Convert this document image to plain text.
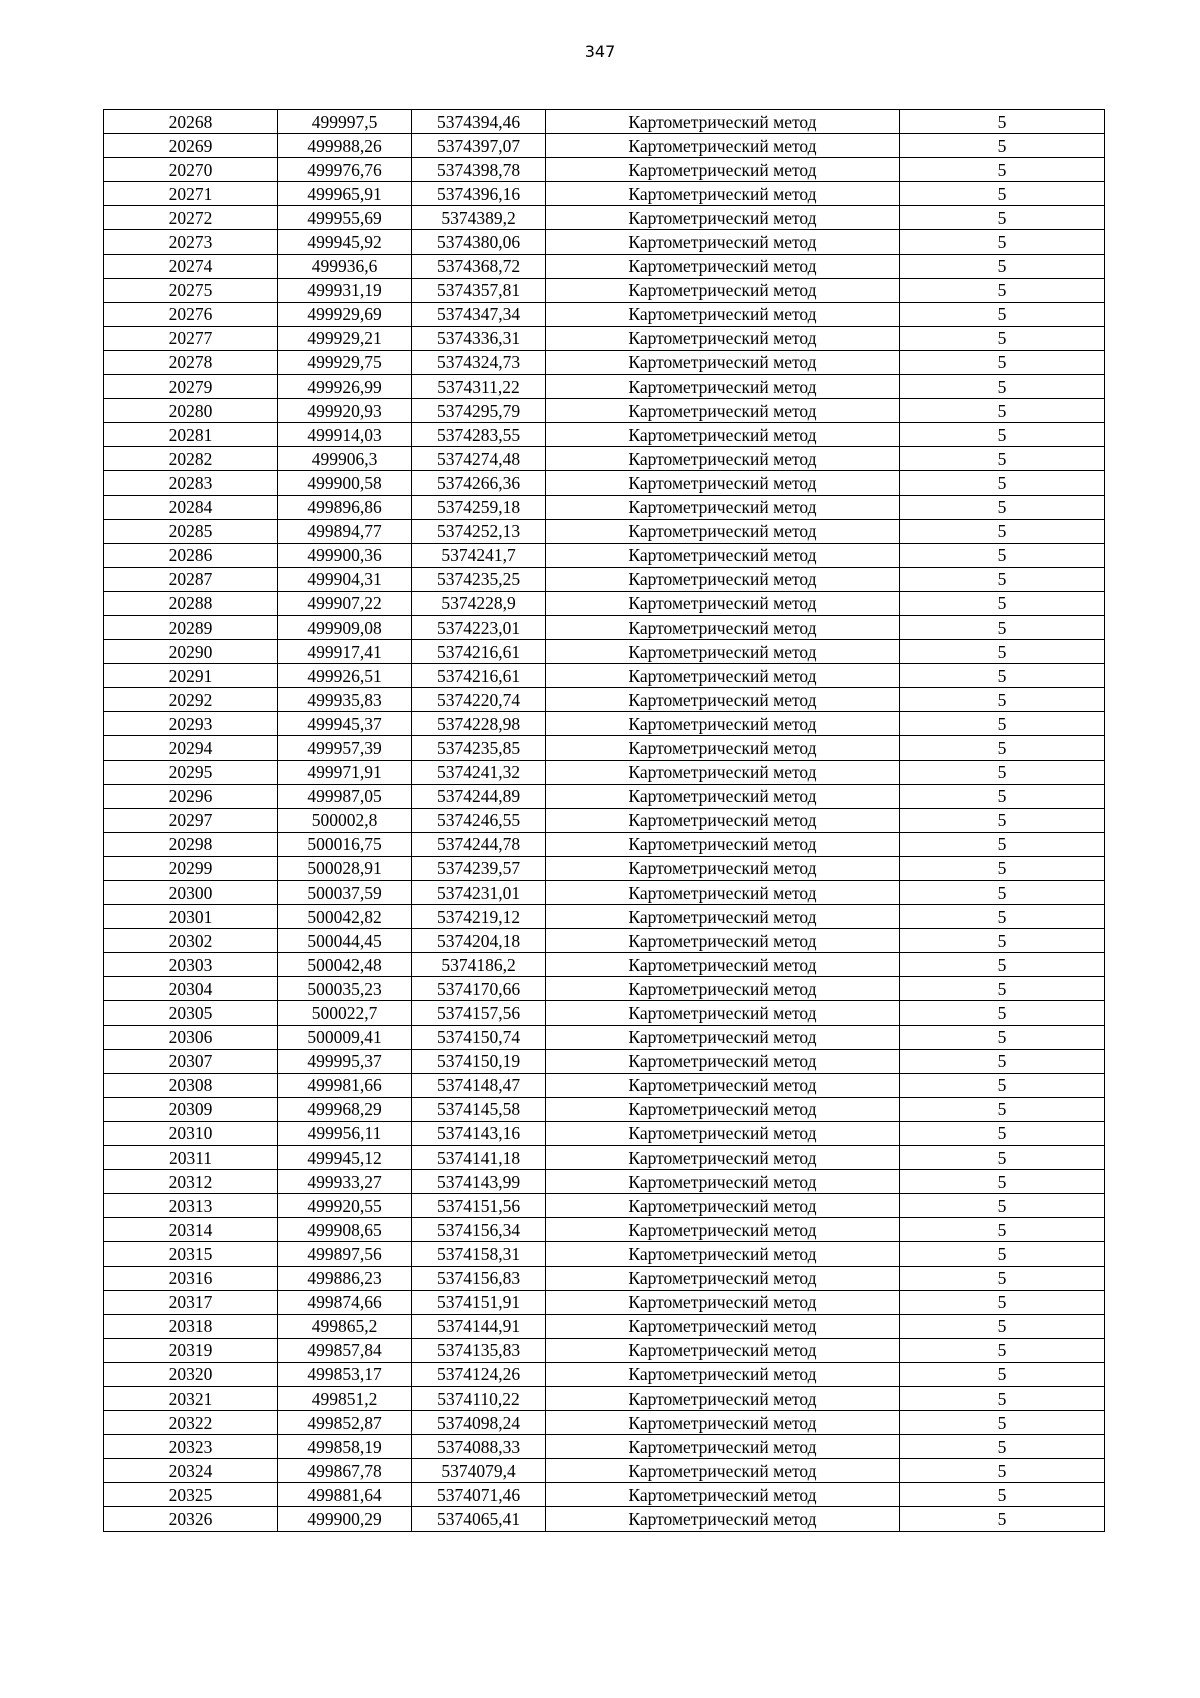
347
20268	499997,5	5374394,46	Картометрический метод	5
20269	499988,26	5374397,07	Картометрический метод	5
20270	499976,76	5374398,78	Картометрический метод	5
20271	499965,91	5374396,16	Картометрический метод	5
20272	499955,69	5374389,2	Картометрический метод	5
20273	499945,92	5374380,06	Картометрический метод	5
20274	499936,6	5374368,72	Картометрический метод	5
20275	499931,19	5374357,81	Картометрический метод	5
20276	499929,69	5374347,34	Картометрический метод	5
20277	499929,21	5374336,31	Картометрический метод	5
20278	499929,75	5374324,73	Картометрический метод	5
20279	499926,99	5374311,22	Картометрический метод	5
20280	499920,93	5374295,79	Картометрический метод	5
20281	499914,03	5374283,55	Картометрический метод	5
20282	499906,3	5374274,48	Картометрический метод	5
20283	499900,58	5374266,36	Картометрический метод	5
20284	499896,86	5374259,18	Картометрический метод	5
20285	499894,77	5374252,13	Картометрический метод	5
20286	499900,36	5374241,7	Картометрический метод	5
20287	499904,31	5374235,25	Картометрический метод	5
20288	499907,22	5374228,9	Картометрический метод	5
20289	499909,08	5374223,01	Картометрический метод	5
20290	499917,41	5374216,61	Картометрический метод	5
20291	499926,51	5374216,61	Картометрический метод	5
20292	499935,83	5374220,74	Картометрический метод	5
20293	499945,37	5374228,98	Картометрический метод	5
20294	499957,39	5374235,85	Картометрический метод	5
20295	499971,91	5374241,32	Картометрический метод	5
20296	499987,05	5374244,89	Картометрический метод	5
20297	500002,8	5374246,55	Картометрический метод	5
20298	500016,75	5374244,78	Картометрический метод	5
20299	500028,91	5374239,57	Картометрический метод	5
20300	500037,59	5374231,01	Картометрический метод	5
20301	500042,82	5374219,12	Картометрический метод	5
20302	500044,45	5374204,18	Картометрический метод	5
20303	500042,48	5374186,2	Картометрический метод	5
20304	500035,23	5374170,66	Картометрический метод	5
20305	500022,7	5374157,56	Картометрический метод	5
20306	500009,41	5374150,74	Картометрический метод	5
20307	499995,37	5374150,19	Картометрический метод	5
20308	499981,66	5374148,47	Картометрический метод	5
20309	499968,29	5374145,58	Картометрический метод	5
20310	499956,11	5374143,16	Картометрический метод	5
20311	499945,12	5374141,18	Картометрический метод	5
20312	499933,27	5374143,99	Картометрический метод	5
20313	499920,55	5374151,56	Картометрический метод	5
20314	499908,65	5374156,34	Картометрический метод	5
20315	499897,56	5374158,31	Картометрический метод	5
20316	499886,23	5374156,83	Картометрический метод	5
20317	499874,66	5374151,91	Картометрический метод	5
20318	499865,2	5374144,91	Картометрический метод	5
20319	499857,84	5374135,83	Картометрический метод	5
20320	499853,17	5374124,26	Картометрический метод	5
20321	499851,2	5374110,22	Картометрический метод	5
20322	499852,87	5374098,24	Картометрический метод	5
20323	499858,19	5374088,33	Картометрический метод	5
20324	499867,78	5374079,4	Картометрический метод	5
20325	499881,64	5374071,46	Картометрический метод	5
20326	499900,29	5374065,41	Картометрический метод	5
